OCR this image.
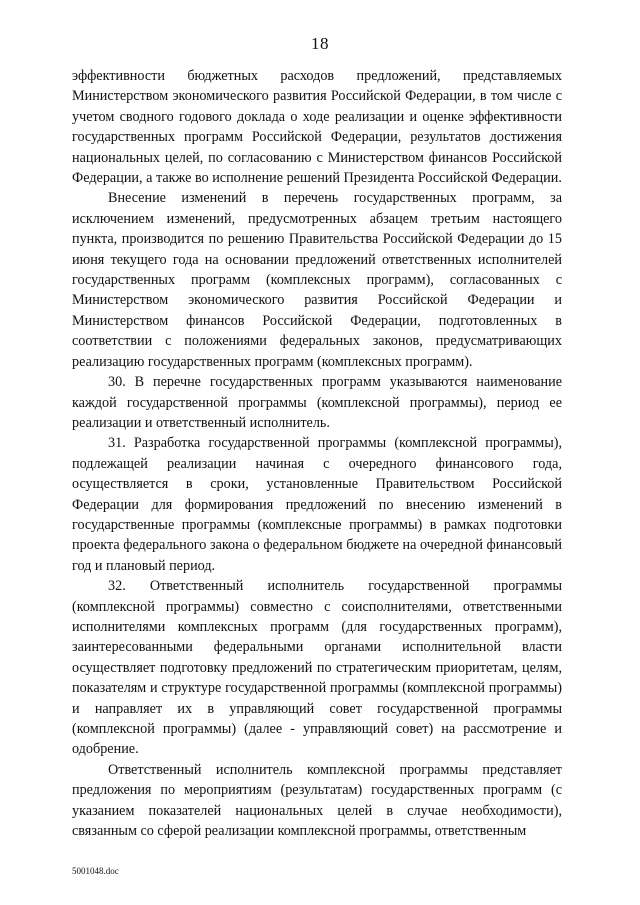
18

эффективности бюджетных расходов предложений, представляемых Министерством экономического развития Российской Федерации, в том числе с учетом сводного годового доклада о ходе реализации и оценке эффективности государственных программ Российской Федерации, результатов достижения национальных целей, по согласованию с Министерством финансов Российской Федерации, а также во исполнение решений Президента Российской Федерации.

Внесение изменений в перечень государственных программ, за исключением изменений, предусмотренных абзацем третьим настоящего пункта, производится по решению Правительства Российской Федерации до 15 июня текущего года на основании предложений ответственных исполнителей государственных программ (комплексных программ), согласованных с Министерством экономического развития Российской Федерации и Министерством финансов Российской Федерации, подготовленных в соответствии с положениями федеральных законов, предусматривающих реализацию государственных программ (комплексных программ).

30. В перечне государственных программ указываются наименование каждой государственной программы (комплексной программы), период ее реализации и ответственный исполнитель.

31. Разработка государственной программы (комплексной программы), подлежащей реализации начиная с очередного финансового года, осуществляется в сроки, установленные Правительством Российской Федерации для формирования предложений по внесению изменений в государственные программы (комплексные программы) в рамках подготовки проекта федерального закона о федеральном бюджете на очередной финансовый год и плановый период.

32. Ответственный исполнитель государственной программы (комплексной программы) совместно с соисполнителями, ответственными исполнителями комплексных программ (для государственных программ), заинтересованными федеральными органами исполнительной власти осуществляет подготовку предложений по стратегическим приоритетам, целям, показателям и структуре государственной программы (комплексной программы) и направляет их в управляющий совет государственной программы (комплексной программы) (далее - управляющий совет) на рассмотрение и одобрение.

Ответственный исполнитель комплексной программы представляет предложения по мероприятиям (результатам) государственных программ (с указанием показателей национальных целей в случае необходимости), связанным со сферой реализации комплексной программы, ответственным

5001048.doc
